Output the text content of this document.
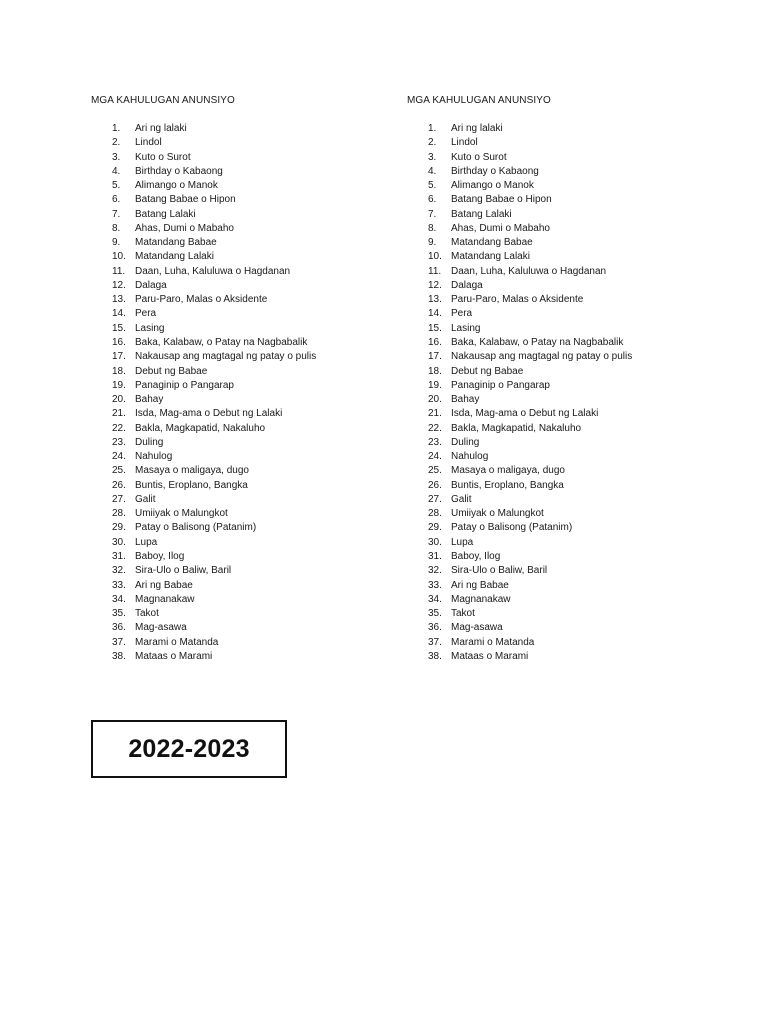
MGA KAHULUGAN ANUNSIYO

1.	Ari ng lalaki
2.	Lindol
3.	Kuto o Surot
4.	Birthday o Kabaong
5.	Alimango o Manok
6.	Batang Babae o Hipon
7.	Batang Lalaki
8.	Ahas, Dumi o Mabaho
9.	Matandang Babae
10. Matandang Lalaki
11. Daan, Luha, Kaluluwa o Hagdanan
12. Dalaga
13. Paru-Paro, Malas o Aksidente
14. Pera
15. Lasing
16. Baka, Kalabaw, o Patay na Nagbabalik
17. Nakausap ang magtagal ng patay o pulis
18. Debut ng Babae
19. Panaginip o Pangarap
20. Bahay
21. Isda, Mag-ama o Debut ng Lalaki
22. Bakla, Magkapatid, Nakaluho
23. Duling
24. Nahulog
25. Masaya o maligaya, dugo
26. Buntis, Eroplano, Bangka
27. Galit
28. Umiiyak o Malungkot
29. Patay o Balisong (Patanim)
30. Lupa
31. Baboy, Ilog
32. Sira-Ulo o Baliw, Baril
33. Ari ng Babae
34. Magnanakaw
35. Takot
36. Mag-asawa
37. Marami o Matanda
38. Mataas o Marami

MGA KAHULUGAN ANUNSIYO

1.	Ari ng lalaki
2.	Lindol
3.	Kuto o Surot
4.	Birthday o Kabaong
5.	Alimango o Manok
6.	Batang Babae o Hipon
7.	Batang Lalaki
8.	Ahas, Dumi o Mabaho
9.	Matandang Babae
10. Matandang Lalaki
11. Daan, Luha, Kaluluwa o Hagdanan
12. Dalaga
13. Paru-Paro, Malas o Aksidente
14. Pera
15. Lasing
16. Baka, Kalabaw, o Patay na Nagbabalik
17. Nakausap ang magtagal ng patay o pulis
18. Debut ng Babae
19. Panaginip o Pangarap
20. Bahay
21. Isda, Mag-ama o Debut ng Lalaki
22. Bakla, Magkapatid, Nakaluho
23. Duling
24. Nahulog
25. Masaya o maligaya, dugo
26. Buntis, Eroplano, Bangka
27. Galit
28. Umiiyak o Malungkot
29. Patay o Balisong (Patanim)
30. Lupa
31. Baboy, Ilog
32. Sira-Ulo o Baliw, Baril
33. Ari ng Babae
34. Magnanakaw
35. Takot
36. Mag-asawa
37. Marami o Matanda
38. Mataas o Marami
2022-2023
